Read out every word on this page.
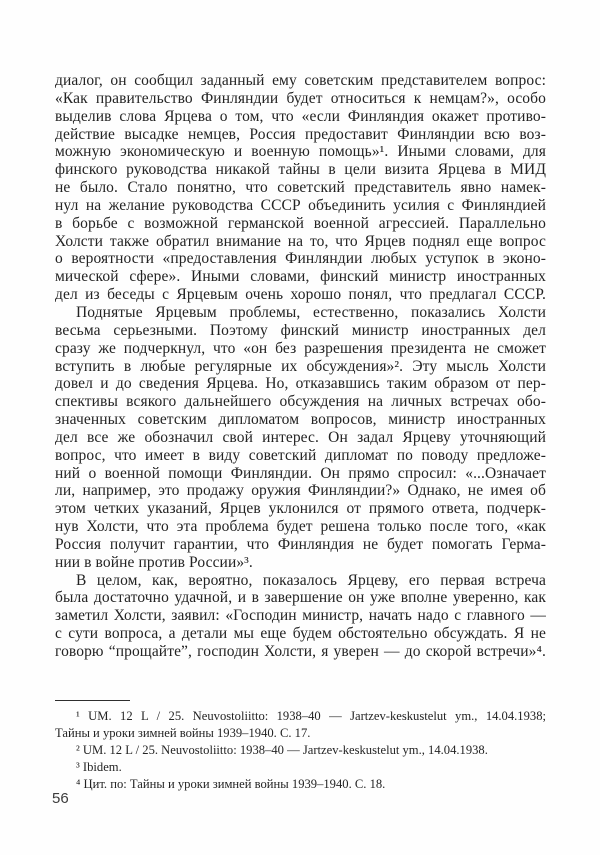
диалог, он сообщил заданный ему советским представителем вопрос:
«Как правительство Финляндии будет относиться к немцам?», особо
выделив слова Ярцева о том, что «если Финляндия окажет противо-
действие высадке немцев, Россия предоставит Финляндии всю воз-
можную экономическую и военную помощь»¹. Иными словами, для
финского руководства никакой тайны в цели визита Ярцева в МИД
не было. Стало понятно, что советский представитель явно намек-
нул на желание руководства СССР объединить усилия с Финляндией
в борьбе с возможной германской военной агрессией. Параллельно
Холсти также обратил внимание на то, что Ярцев поднял еще вопрос
о вероятности «предоставления Финляндии любых уступок в эконо-
мической сфере». Иными словами, финский министр иностранных
дел из беседы с Ярцевым очень хорошо понял, что предлагал СССР.
Поднятые Ярцевым проблемы, естественно, показались Холсти
весьма серьезными. Поэтому финский министр иностранных дел
сразу же подчеркнул, что «он без разрешения президента не сможет
вступить в любые регулярные их обсуждения»². Эту мысль Холсти
довел и до сведения Ярцева. Но, отказавшись таким образом от пер-
спективы всякого дальнейшего обсуждения на личных встречах обо-
значенных советским дипломатом вопросов, министр иностранных
дел все же обозначил свой интерес. Он задал Ярцеву уточняющий
вопрос, что имеет в виду советский дипломат по поводу предложе-
ний о военной помощи Финляндии. Он прямо спросил: «...Означает
ли, например, это продажу оружия Финляндии?» Однако, не имея об
этом четких указаний, Ярцев уклонился от прямого ответа, подчерк-
нув Холсти, что эта проблема будет решена только после того, «как
Россия получит гарантии, что Финляндия не будет помогать Герма-
нии в войне против России»³.
В целом, как, вероятно, показалось Ярцеву, его первая встреча
была достаточно удачной, и в завершение он уже вполне уверенно, как
заметил Холсти, заявил: «Господин министр, начать надо с главного —
с сути вопроса, а детали мы еще будем обстоятельно обсуждать. Я не
говорю “прощайте”, господин Холсти, я уверен — до скорой встречи»⁴.
¹ UM. 12 L / 25. Neuvostoliitto: 1938–40 — Jartzev-keskustelut ym., 14.04.1938;
Тайны и уроки зимней войны 1939–1940. С. 17.
² UM. 12 L / 25. Neuvostoliitto: 1938–40 — Jartzev-keskustelut ym., 14.04.1938.
³ Ibidem.
⁴ Цит. по: Тайны и уроки зимней войны 1939–1940. С. 18.
56
